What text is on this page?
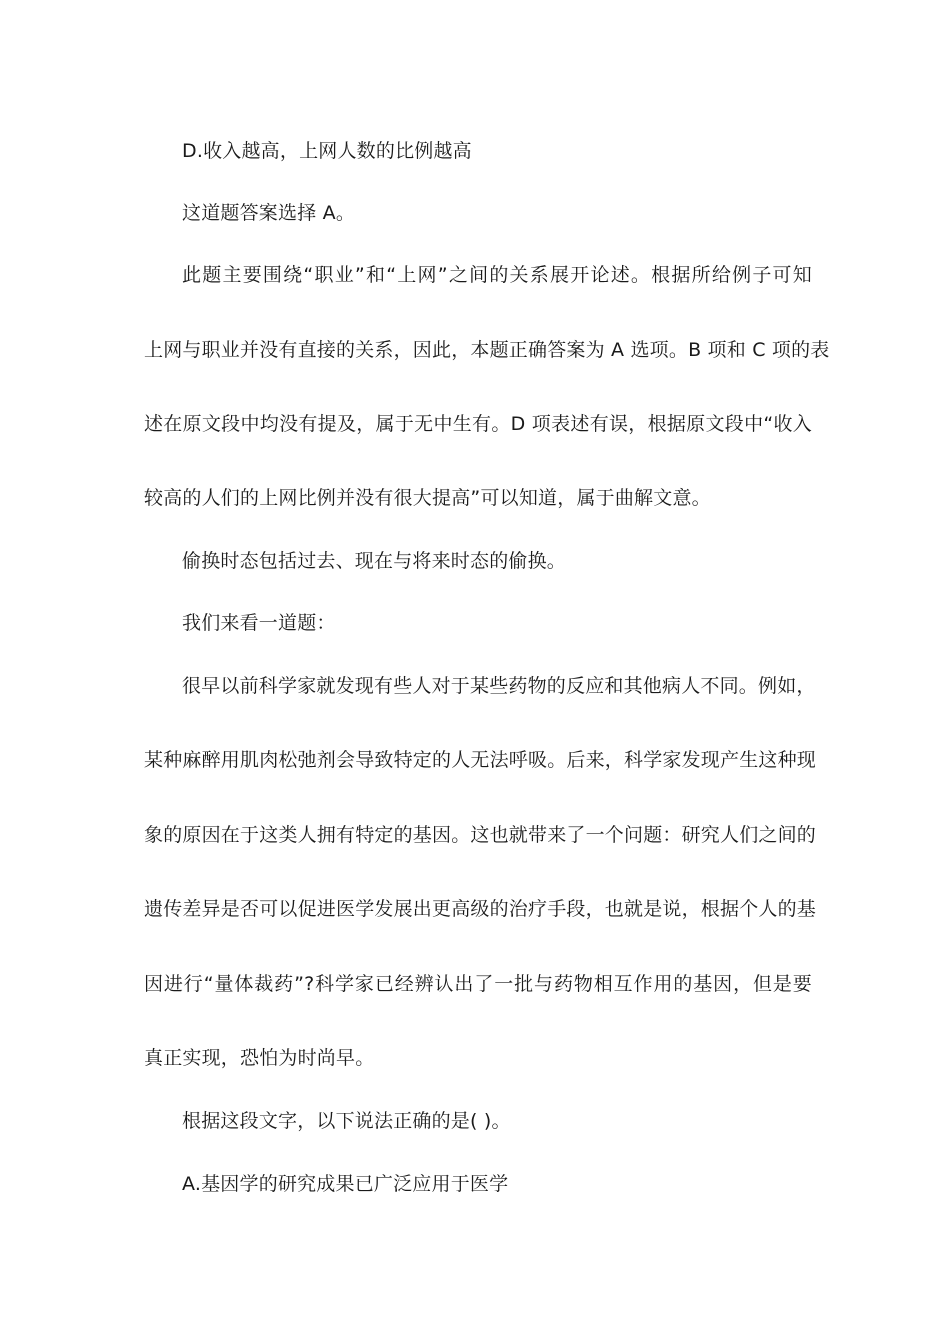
D.收入越高，上网人数的比例越高
这道题答案选择 A。
此题主要围绕“职业”和“上网”之间的关系展开论述。根据所给例子可知
上网与职业并没有直接的关系，因此，本题正确答案为 A 选项。B 项和 C 项的表
述在原文段中均没有提及，属于无中生有。D 项表述有误，根据原文段中“收入
较高的人们的上网比例并没有很大提高”可以知道，属于曲解文意。
偷换时态包括过去、现在与将来时态的偷换。
我们来看一道题：
很早以前科学家就发现有些人对于某些药物的反应和其他病人不同。例如，
某种麻醉用肌肉松弛剂会导致特定的人无法呼吸。后来，科学家发现产生这种现
象的原因在于这类人拥有特定的基因。这也就带来了一个问题：研究人们之间的
遗传差异是否可以促进医学发展出更高级的治疗手段，也就是说，根据个人的基
因进行“量体裁药”?科学家已经辨认出了一批与药物相互作用的基因，但是要
真正实现，恐怕为时尚早。
根据这段文字，以下说法正确的是( )。
A.基因学的研究成果已广泛应用于医学
